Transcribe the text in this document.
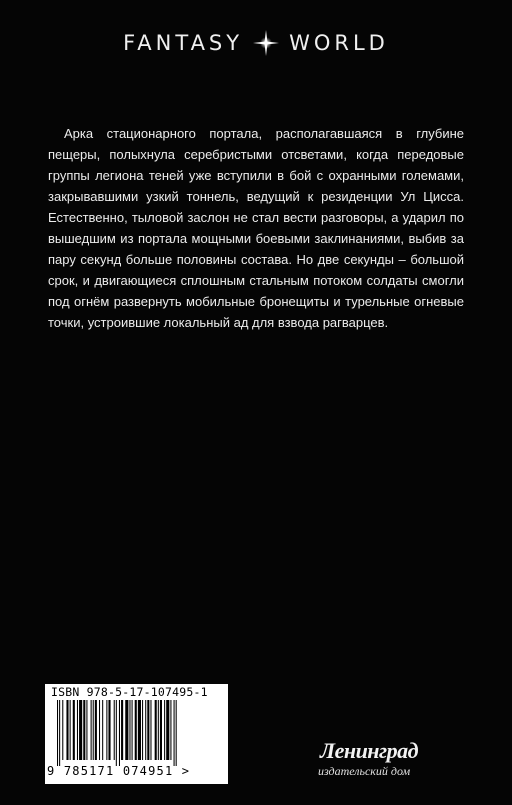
FANTASY WORLD

Арка стационарного портала, располагавшаяся в глубине пещеры, полыхнула серебристыми отсветами, когда передовые группы легиона теней уже вступили в бой с охранными големами, закрывавшими узкий тоннель, ведущий к резиденции Ул Цисса. Естественно, тыловой заслон не стал вести разговоры, а ударил по вышедшим из портала мощными боевыми заклинаниями, выбив за пару секунд больше половины состава. Но две секунды – большой срок, и двигающиеся сплошным стальным потоком солдаты смогли под огнём развернуть мобильные бронещиты и турельные огневые точки, устроившие локальный ад для взвода рагварцев.

ISBN 978-5-17-107495-1
9 785171 074951 >
Ленинград
издательский дом
